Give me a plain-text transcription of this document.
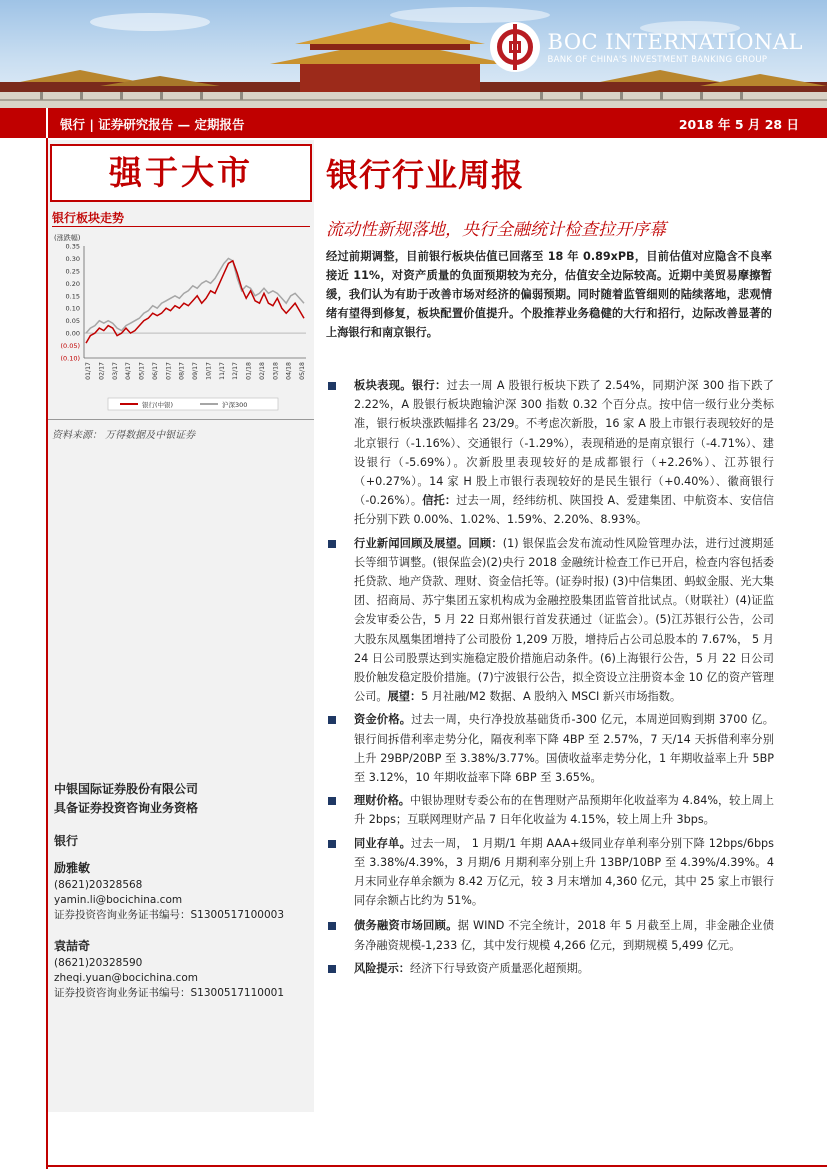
BOC INTERNATIONAL
BANK OF CHINA'S INVESTMENT BANKING GROUP
银行 | 证券研究报告 — 定期报告	2018 年 5 月 28 日
强于大市
银行板块走势
(涨跌幅)
0.35
0.30
0.25
0.20
0.15
0.10
0.05
0.00
(0.05)
(0.10)
01/17 02/17 03/17 04/17 05/17 06/17 07/17 08/17 09/17 10/17 11/17 12/17 01/18 02/18 03/18 04/18 05/18
银行(中银)	沪深300
资料来源： 万得数据及中银证券
中银国际证券股份有限公司
具备证券投资咨询业务资格
银行
励雅敏
(8621)20328568
yamin.li@bocichina.com
证券投资咨询业务证书编号：S1300517100003
袁喆奇
(8621)20328590
zheqi.yuan@bocichina.com
证券投资咨询业务证书编号：S1300517110001
银行行业周报
流动性新规落地，央行全融统计检查拉开序幕
经过前期调整，目前银行板块估值已回落至 18 年 0.89xPB，目前估值对应隐含不良率接近 11%，对资产质量的负面预期较为充分，估值安全边际较高。近期中美贸易摩擦暂缓，我们认为有助于改善市场对经济的偏弱预期。同时随着监管细则的陆续落地，悲观情绪有望得到修复，板块配置价值提升。个股推荐业务稳健的大行和招行，边际改善显著的上海银行和南京银行。
板块表现。银行：过去一周 A 股银行板块下跌了 2.54%，同期沪深 300 指下跌了 2.22%，A 股银行板块跑输沪深 300 指数 0.32 个百分点。按中信一级行业分类标准，银行板块涨跌幅排名 23/29。不考虑次新股，16 家 A 股上市银行表现较好的是北京银行（-1.16%）、交通银行（-1.29%），表现稍逊的是南京银行（-4.71%）、建设银行（-5.69%）。次新股里表现较好的是成都银行（+2.26%）、江苏银行（+0.27%）。14 家 H 股上市银行表现较好的是民生银行（+0.40%）、徽商银行（-0.26%）。信托：过去一周，经纬纺机、陕国投 A、爱建集团、中航资本、安信信托分别下跌 0.00%、1.02%、1.59%、2.20%、8.93%。
行业新闻回顾及展望。回顾：(1) 银保监会发布流动性风险管理办法，进行过渡期延长等细节调整。(银保监会)(2)央行 2018 金融统计检查工作已开启，检查内容包括委托贷款、地产贷款、理财、资金信托等。(证券时报) (3)中信集团、蚂蚁金服、光大集团、招商局、苏宁集团五家机构成为金融控股集团监管首批试点。（财联社）(4)证监会发审委公告，5 月 22 日郑州银行首发获通过（证监会）。(5)江苏银行公告，公司大股东凤凰集团增持了公司股份 1,209 万股，增持后占公司总股本的 7.67%， 5 月 24 日公司股票达到实施稳定股价措施启动条件。(6)上海银行公告，5 月 22 日公司股价触发稳定股价措施。(7)宁波银行公告，拟全资设立注册资本金 10 亿的资产管理公司。展望：5 月社融/M2 数据、A 股纳入 MSCI 新兴市场指数。
资金价格。过去一周，央行净投放基础货币-300 亿元，本周逆回购到期 3700 亿。银行间拆借利率走势分化，隔夜利率下降 4BP 至 2.57%，7 天/14 天拆借利率分别上升 29BP/20BP 至 3.38%/3.77%。国债收益率走势分化，1 年期收益率上升 5BP 至 3.12%，10 年期收益率下降 6BP 至 3.65%。
理财价格。中银协理财专委公布的在售理财产品预期年化收益率为 4.84%，较上周上升 2bps；互联网理财产品 7 日年化收益为 4.15%，较上周上升 3bps。
同业存单。过去一周， 1 月期/1 年期 AAA+级同业存单利率分别下降 12bps/6bps 至 3.38%/4.39%，3 月期/6 月期利率分别上升 13BP/10BP 至 4.39%/4.39%。4 月末同业存单余额为 8.42 万亿元，较 3 月末增加 4,360 亿元，其中 25 家上市银行同存余额占比约为 51%。
债务融资市场回顾。据 WIND 不完全统计，2018 年 5 月截至上周，非金融企业债务净融资规模-1,233 亿，其中发行规模 4,266 亿元，到期规模 5,499 亿元。
风险提示：经济下行导致资产质量恶化超预期。
